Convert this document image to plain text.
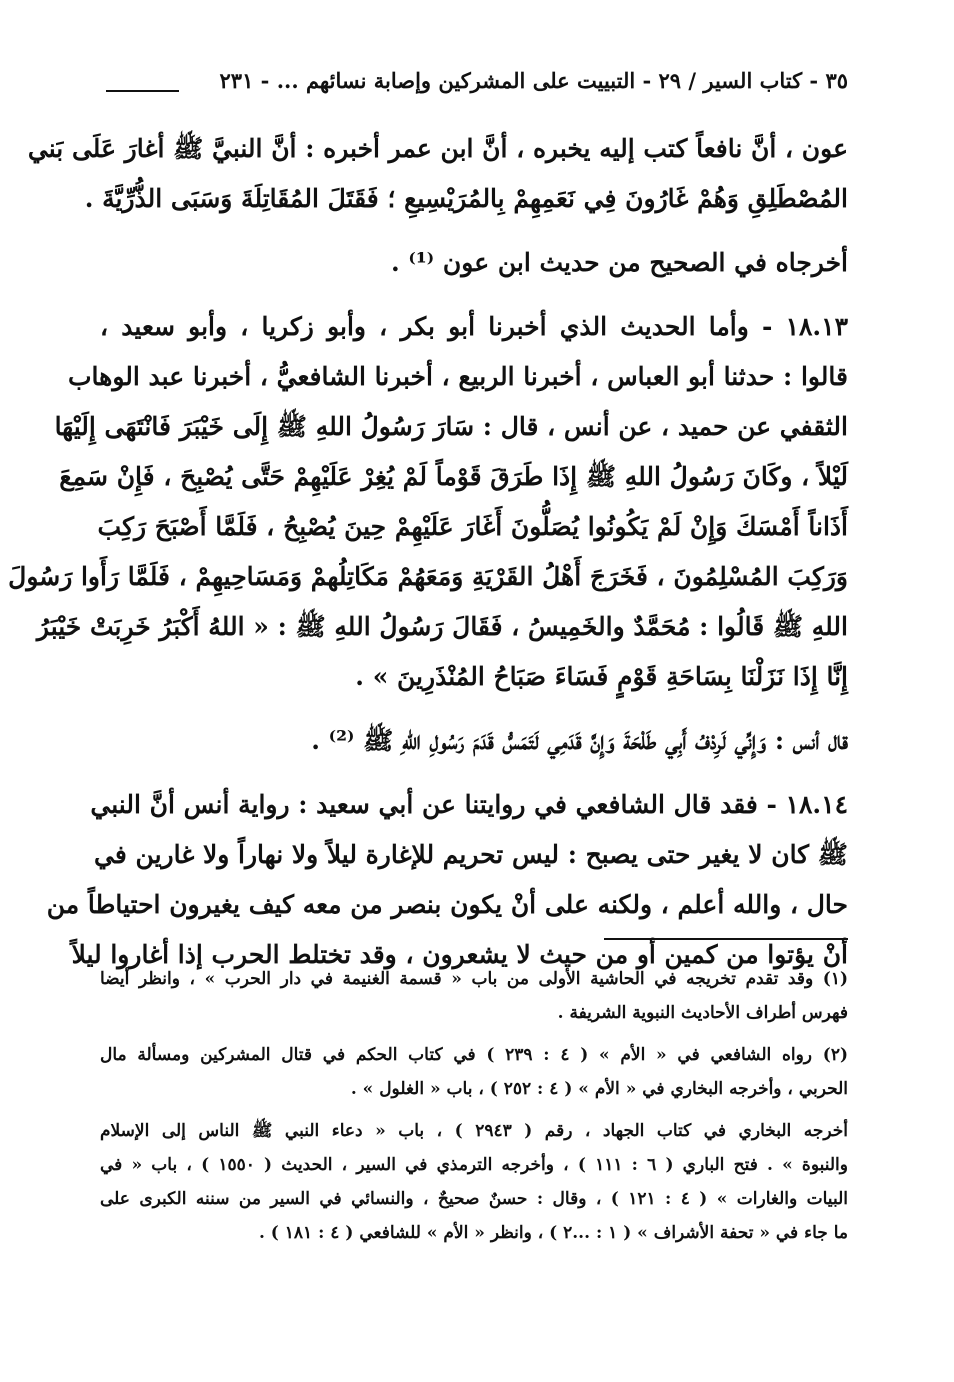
٣٥ - كتاب السير / ٢٩ - التبييت على المشركين وإصابة نسائهم ... - ٢٣١
عون ، أنَّ نافعاً كتب إليه يخبره ، أنَّ ابن عمر أخبره : أنَّ النبيَّ ﷺ أغارَ عَلَى بَني
المُصْطَلِقِ وَهُمْ غَارُونَ فِي نَعَمِهِمْ بِالمُرَيْسِيعِ ؛ فَقَتَلَ المُقَاتِلَةَ وَسَبَى الذُّرِّيَّةَ .
أخرجاه في الصحيح من حديث ابن عون ⁽¹⁾ .
١٨.١٣ - وأما الحديث الذي أخبرنا أبو بكر ، وأبو زكريا ، وأبو سعيد ،
قالوا : حدثنا أبو العباس ، أخبرنا الربيع ، أخبرنا الشافعيُّ ، أخبرنا عبد الوهاب
الثقفي عن حميد ، عن أنس ، قال : سَارَ رَسُولُ اللهِ ﷺ إِلَى خَيْبَرَ فَانْتَهَى إِلَيْهَا
لَيْلاً ، وكَانَ رَسُولُ اللهِ ﷺ إِذَا طَرَقَ قَوْماً لَمْ يُغِرْ عَلَيْهِمْ حَتَّى يُصْبِحَ ، فَإِنْ سَمِعَ
أَذَاناً أَمْسَكَ وَإِنْ لَمْ يَكُونُوا يُصَلُّونَ أَغَارَ عَلَيْهِمْ حِينَ يُصْبِحُ ، فَلَمَّا أَصْبَحَ رَكِبَ
وَرَكِبَ المُسْلِمُونَ ، فَخَرَجَ أَهْلُ القَرْيَةِ وَمَعَهُمْ مَكَاتِلُهمْ وَمَسَاحِيهِمْ ، فَلَمَّا رَأَوا رَسُولَ
اللهِ ﷺ قَالُوا : مُحَمَّدٌ والخَمِيسُ ، فَقَالَ رَسُولُ اللهِ ﷺ : « اللهُ أَكْبَرُ خَرِبَتْ خَيْبَرُ
إِنَّا إِذَا نَزَلْنَا بِسَاحَةِ قَوْمٍ فَسَاءَ صَبَاحُ المُنْذَرِينَ » .
قال أنس : وَإِنِّي لَرِدْفُ أَبِي طَلْحَةَ وَإِنَّ قَدَمِي لَتَمَسُّ قَدَمَ رَسُولِ اللهِ ﷺ ⁽²⁾ .
١٨.١٤ - فقد قال الشافعي في روايتنا عن أبي سعيد : رواية أنس أنَّ النبي
ﷺ كان لا يغير حتى يصبح : ليس تحريم للإغارة ليلاً ولا نهاراً ولا غارين في
حال ، والله أعلم ، ولكنه على أنْ يكون بنصر من معه كيف يغيرون احتياطاً من
أنْ يؤتوا من كمين أو من حيث لا يشعرون ، وقد تختلط الحرب إذا أغاروا ليلاً
(١) وقد تقدم تخريجه في الحاشية الأولى من باب « قسمة الغنيمة في دار الحرب » ، وانظر أيضا
فهرس أطراف الأحاديث النبوية الشريفة .
(٢) رواه الشافعي في « الأم » ( ٤ : ٢٣٩ ) في كتاب الحكم في قتال المشركين ومسألة مال
الحربي ، وأخرجه البخاري في « الأم » ( ٤ : ٢٥٢ ) ، باب « الغلول » .
أخرجه البخاري في كتاب الجهاد ، رقم ( ٢٩٤٣ ) ، باب « دعاء النبي ﷺ الناس إلى الإسلام
والنبوة » . فتح الباري ( ٦ : ١١١ ) ، وأخرجه الترمذي في السير ، الحديث ( ١٥٥٠ ) ، باب « في
البيات والغارات » ( ٤ : ١٢١ ) ، وقال : حسنٌ صحيحٌ ، والنسائي في السير من سننه الكبرى على
ما جاء في « تحفة الأشراف » ( ١ : ...٢ ) ، وانظر « الأم » للشافعي ( ٤ : ١٨١ ) .
